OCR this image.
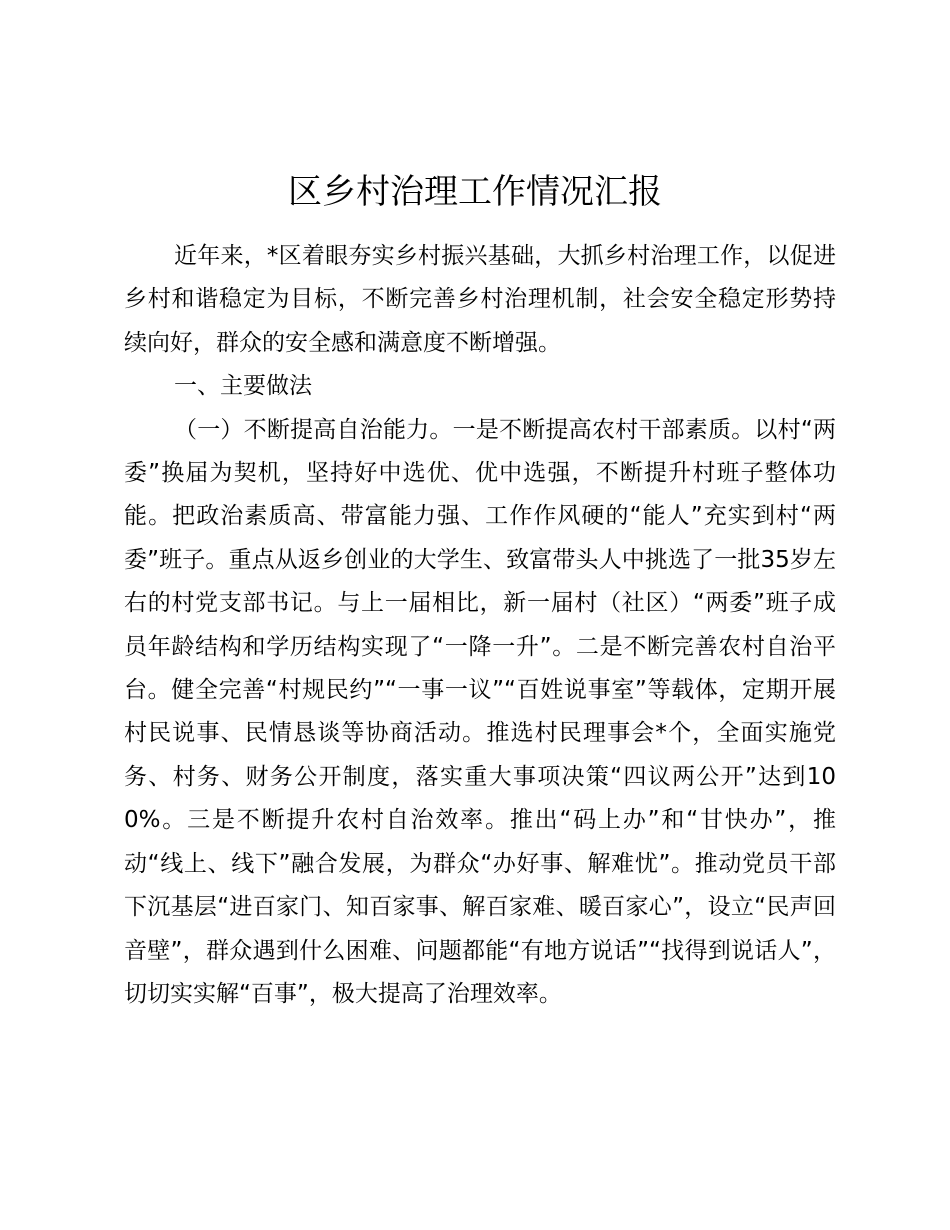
区乡村治理工作情况汇报

近年来，*区着眼夯实乡村振兴基础，大抓乡村治理工作，以促进乡村和谐稳定为目标，不断完善乡村治理机制，社会安全稳定形势持续向好，群众的安全感和满意度不断增强。

一、主要做法

（一）不断提高自治能力。一是不断提高农村干部素质。以村“两委”换届为契机，坚持好中选优、优中选强，不断提升村班子整体功能。把政治素质高、带富能力强、工作作风硬的“能人”充实到村“两委”班子。重点从返乡创业的大学生、致富带头人中挑选了一批35岁左右的村党支部书记。与上一届相比，新一届村（社区）“两委”班子成员年龄结构和学历结构实现了“一降一升”。二是不断完善农村自治平台。健全完善“村规民约”“一事一议”“百姓说事室”等载体，定期开展村民说事、民情恳谈等协商活动。推选村民理事会*个，全面实施党务、村务、财务公开制度，落实重大事项决策“四议两公开”达到100%。三是不断提升农村自治效率。推出“码上办”和“甘快办”，推动“线上、线下”融合发展，为群众“办好事、解难忧”。推动党员干部下沉基层“进百家门、知百家事、解百家难、暖百家心”，设立“民声回音壁”，群众遇到什么困难、问题都能“有地方说话”“找得到说话人”，切切实实解“百事”，极大提高了治理效率。
